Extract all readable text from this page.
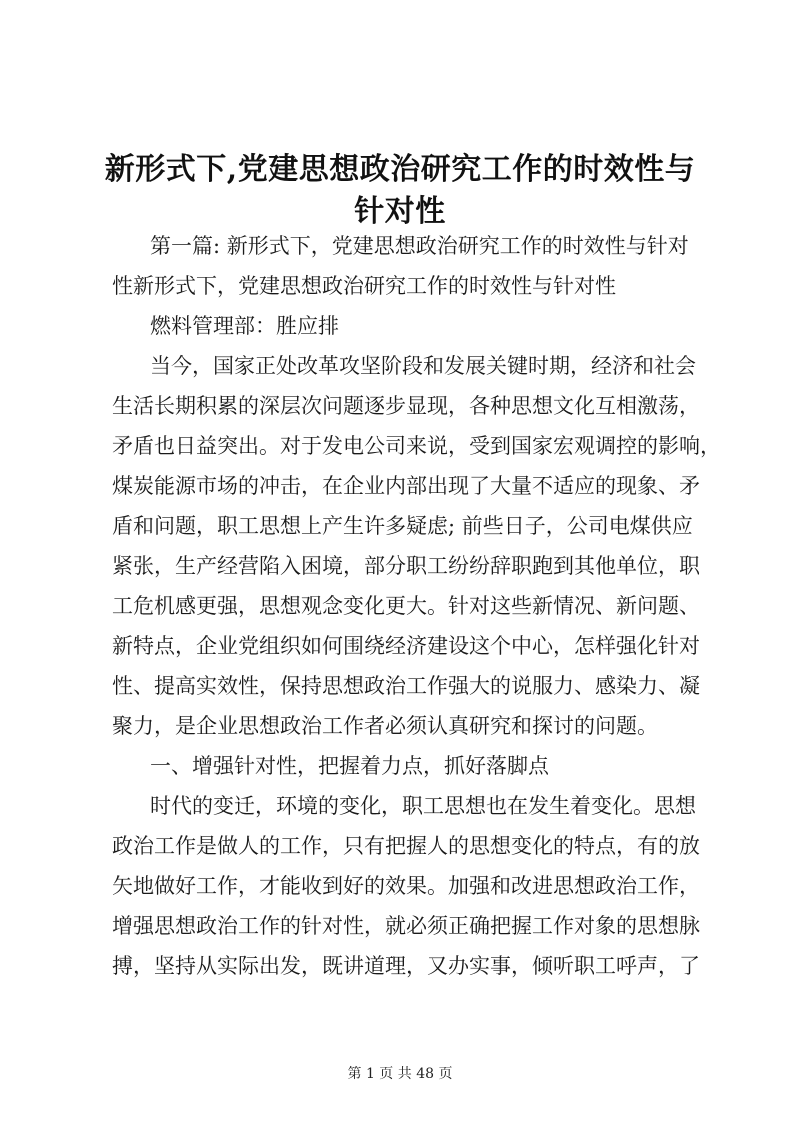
新形式下,党建思想政治研究工作的时效性与
针对性
第一篇: 新形式下，党建思想政治研究工作的时效性与针对
性新形式下，党建思想政治研究工作的时效性与针对性
燃料管理部：胜应排
当今，国家正处改革攻坚阶段和发展关键时期，经济和社会
生活长期积累的深层次问题逐步显现，各种思想文化互相激荡，
矛盾也日益突出。对于发电公司来说，受到国家宏观调控的影响，
煤炭能源市场的冲击，在企业内部出现了大量不适应的现象、矛
盾和问题，职工思想上产生许多疑虑; 前些日子，公司电煤供应
紧张，生产经营陷入困境，部分职工纷纷辞职跑到其他单位，职
工危机感更强，思想观念变化更大。针对这些新情况、新问题、
新特点，企业党组织如何围绕经济建设这个中心，怎样强化针对
性、提高实效性，保持思想政治工作强大的说服力、感染力、凝
聚力，是企业思想政治工作者必须认真研究和探讨的问题。
一、增强针对性，把握着力点，抓好落脚点
时代的变迁，环境的变化，职工思想也在发生着变化。思想
政治工作是做人的工作，只有把握人的思想变化的特点，有的放
矢地做好工作，才能收到好的效果。加强和改进思想政治工作，
增强思想政治工作的针对性，就必须正确把握工作对象的思想脉
搏，坚持从实际出发，既讲道理，又办实事，倾听职工呼声，了
第 1 页 共 48 页
